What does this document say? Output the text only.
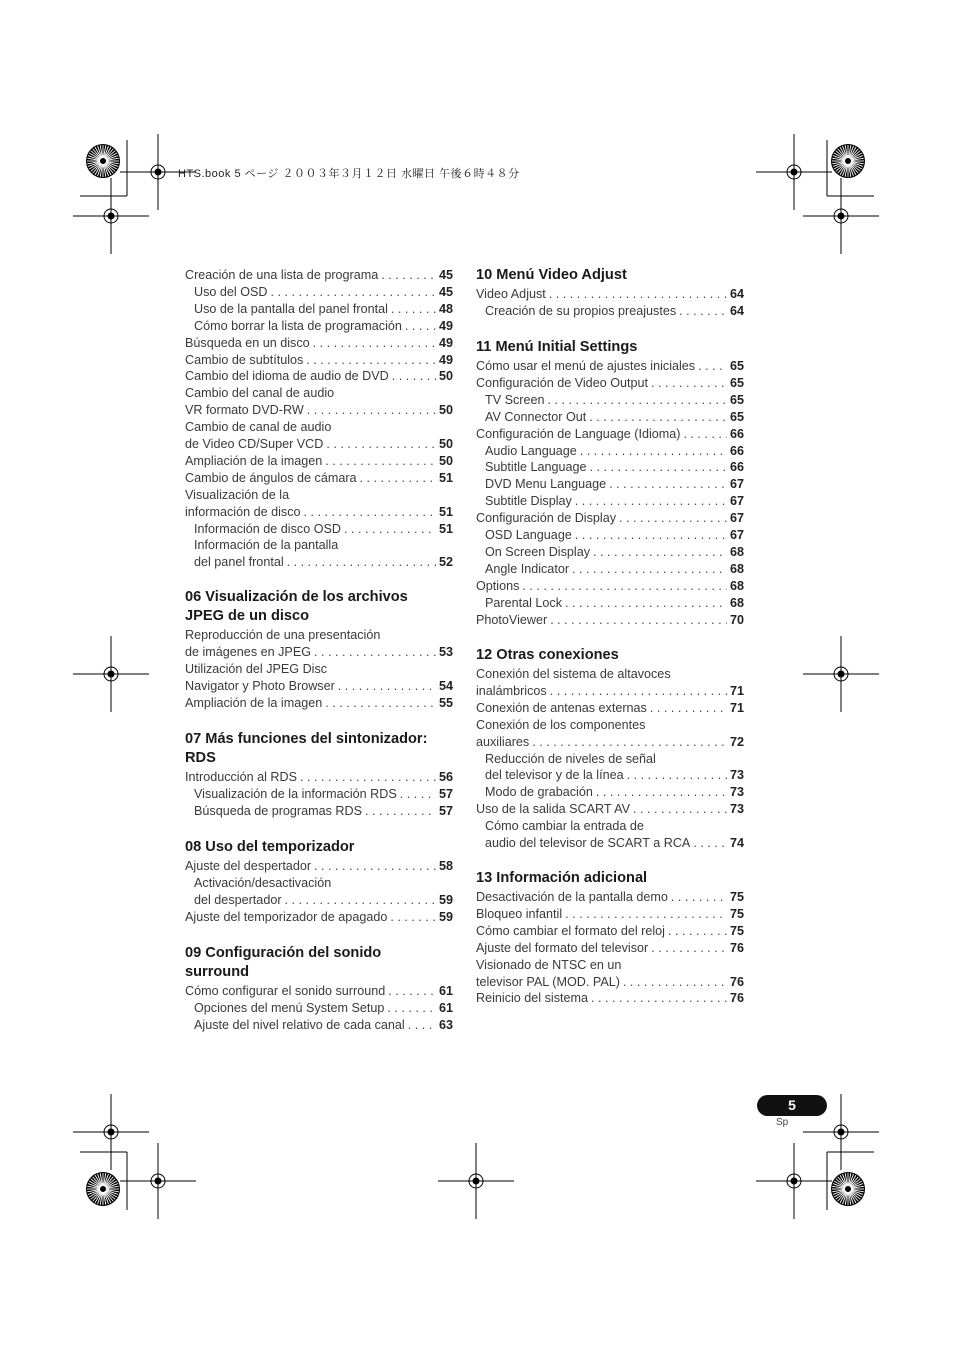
HTS.book 5 ページ ２００３年３月１２日 水曜日 午後６時４８分
Creación de una lista de programa . . .	45
Uso del OSD . . .	45
Uso de la pantalla del panel frontal . . .	48
Cómo borrar la lista de programación . . .	49
Búsqueda en un disco . . .	49
Cambio de subtítulos . . .	49
Cambio del idioma de audio de DVD . . .	50
Cambio del canal de audio
VR formato DVD-RW . . .	50
Cambio de canal de audio
de Video CD/Super VCD . . .	50
Ampliación de la imagen . . .	50
Cambio de ángulos de cámara . . .	51
Visualización de la
información de disco . . .	51
Información de disco OSD . . .	51
Información de la pantalla
del panel frontal . . .	52
06 Visualización de los archivos
JPEG de un disco
Reproducción de una presentación
de imágenes en JPEG . . .	53
Utilización del JPEG Disc
Navigator y Photo Browser . . .	54
Ampliación de la imagen . . .	55
07 Más funciones del sintonizador:
RDS
Introducción al RDS . . .	56
Visualización de la información RDS . . .	57
Búsqueda de programas RDS . . .	57
08 Uso del temporizador
Ajuste del despertador . . .	58
Activación/desactivación
del despertador . . .	59
Ajuste del temporizador de apagado . . .	59
09 Configuración del sonido
surround
Cómo configurar el sonido surround . . .	61
Opciones del menú System Setup . . .	61
Ajuste del nivel relativo de cada canal . . .	63
10 Menú Video Adjust
Video Adjust . . .	64
Creación de su propios preajustes . . .	64
11 Menú Initial Settings
Cómo usar el menú de ajustes iniciales . . .	65
Configuración de Video Output . . .	65
TV Screen . . .	65
AV Connector Out . . .	65
Configuración de Language (Idioma) . . .	66
Audio Language . . .	66
Subtitle Language . . .	66
DVD Menu Language . . .	67
Subtitle Display . . .	67
Configuración de Display . . .	67
OSD Language . . .	67
On Screen Display . . .	68
Angle Indicator . . .	68
Options . . .	68
Parental Lock . . .	68
PhotoViewer . . .	70
12 Otras conexiones
Conexión del sistema de altavoces
inalámbricos . . .	71
Conexión de antenas externas . . .	71
Conexión de los componentes
auxiliares . . .	72
Reducción de niveles de señal
del televisor y de la línea . . .	73
Modo de grabación . . .	73
Uso de la salida SCART AV . . .	73
Cómo cambiar la entrada de
audio del televisor de SCART a RCA . . .	74
13 Información adicional
Desactivación de la pantalla demo . . .	75
Bloqueo infantil . . .	75
Cómo cambiar el formato del reloj . . .	75
Ajuste del formato del televisor . . .	76
Visionado de NTSC en un
televisor PAL (MOD. PAL) . . .	76
Reinicio del sistema . . .	76
5
Sp
